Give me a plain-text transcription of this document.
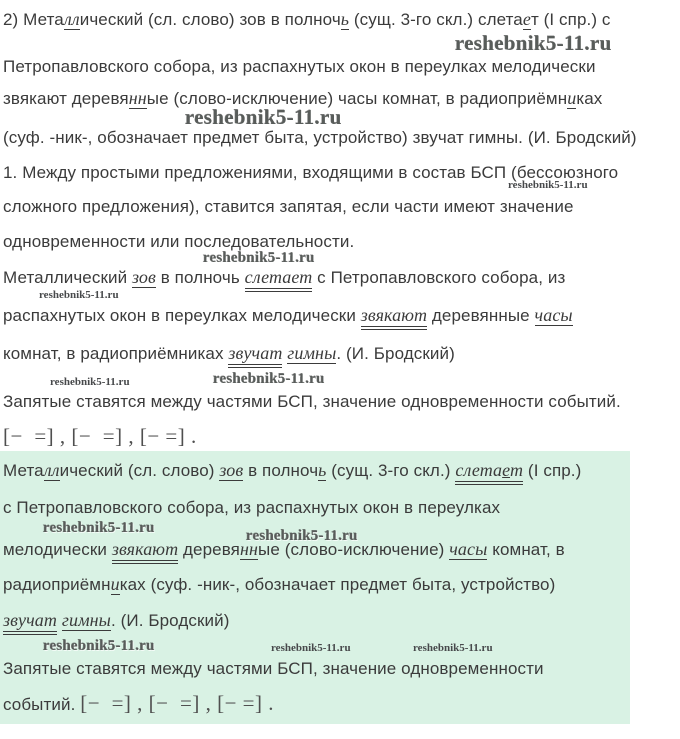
2) Металлический (сл. слово) зов в полночь (сущ. 3-го скл.) слетает (I спр.) с
reshebnik5-11.ru
Петропавловского собора, из распахнутых окон в переулках мелодически
звякают деревянные (слово-исключение) часы комнат, в радиоприёмниках
reshebnik5-11.ru
(суф. -ник-, обозначает предмет быта, устройство) звучат гимны. (И. Бродский)
1. Между простыми предложениями, входящими в состав БСП (бессоюзного
reshebnik5-11.ru
сложного предложения), ставится запятая, если части имеют значение
одновременности или последовательности.
reshebnik5-11.ru
Металлический зов в полночь слетает с Петропавловского собора, из
reshebnik5-11.ru
распахнутых окон в переулках мелодически звякают деревянные часы
комнат, в радиоприёмниках звучат гимны. (И. Бродский)
reshebnik5-11.ru	reshebnik5-11.ru
Запятые ставятся между частями БСП, значение одновременности событий.
[−  =] , [−  =] , [− =] .
Металлический (сл. слово) зов в полночь (сущ. 3-го скл.) слетает (I спр.)
с Петропавловского собора, из распахнутых окон в переулках
reshebnik5-11.ru	reshebnik5-11.ru
мелодически звякают деревянные (слово-исключение) часы комнат, в
радиоприёмниках (суф. -ник-, обозначает предмет быта, устройство)
звучат гимны. (И. Бродский)
reshebnik5-11.ru	reshebnik5-11.ru	reshebnik5-11.ru
Запятые ставятся между частями БСП, значение одновременности
событий. [−  =] , [−  =] , [− =] .
